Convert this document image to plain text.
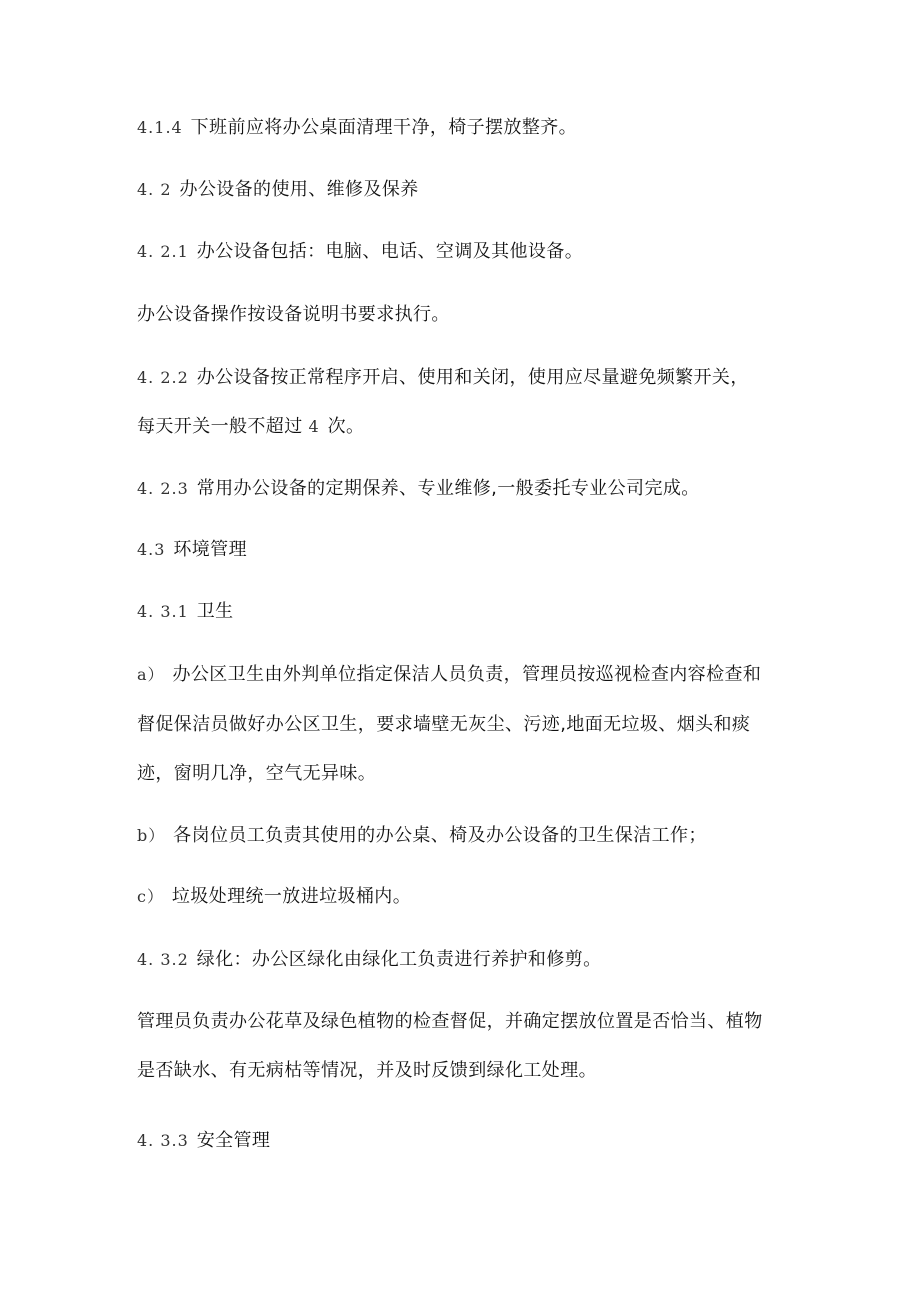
4.1.4 下班前应将办公桌面清理干净，椅子摆放整齐。
4. 2 办公设备的使用、维修及保养
4. 2.1 办公设备包括：电脑、电话、空调及其他设备。
办公设备操作按设备说明书要求执行。
4. 2.2 办公设备按正常程序开启、使用和关闭，使用应尽量避免频繁开关，
每天开关一般不超过 4 次。
4. 2.3 常用办公设备的定期保养、专业维修,一般委托专业公司完成。
4.3 环境管理
4. 3.1 卫生
a） 办公区卫生由外判单位指定保洁人员负责，管理员按巡视检查内容检查和
督促保洁员做好办公区卫生，要求墙壁无灰尘、污迹,地面无垃圾、烟头和痰
迹，窗明几净，空气无异味。
b） 各岗位员工负责其使用的办公桌、椅及办公设备的卫生保洁工作；
c） 垃圾处理统一放进垃圾桶内。
4. 3.2 绿化：办公区绿化由绿化工负责进行养护和修剪。
管理员负责办公花草及绿色植物的检查督促，并确定摆放位置是否恰当、植物
是否缺水、有无病枯等情况，并及时反馈到绿化工处理。
4. 3.3 安全管理
